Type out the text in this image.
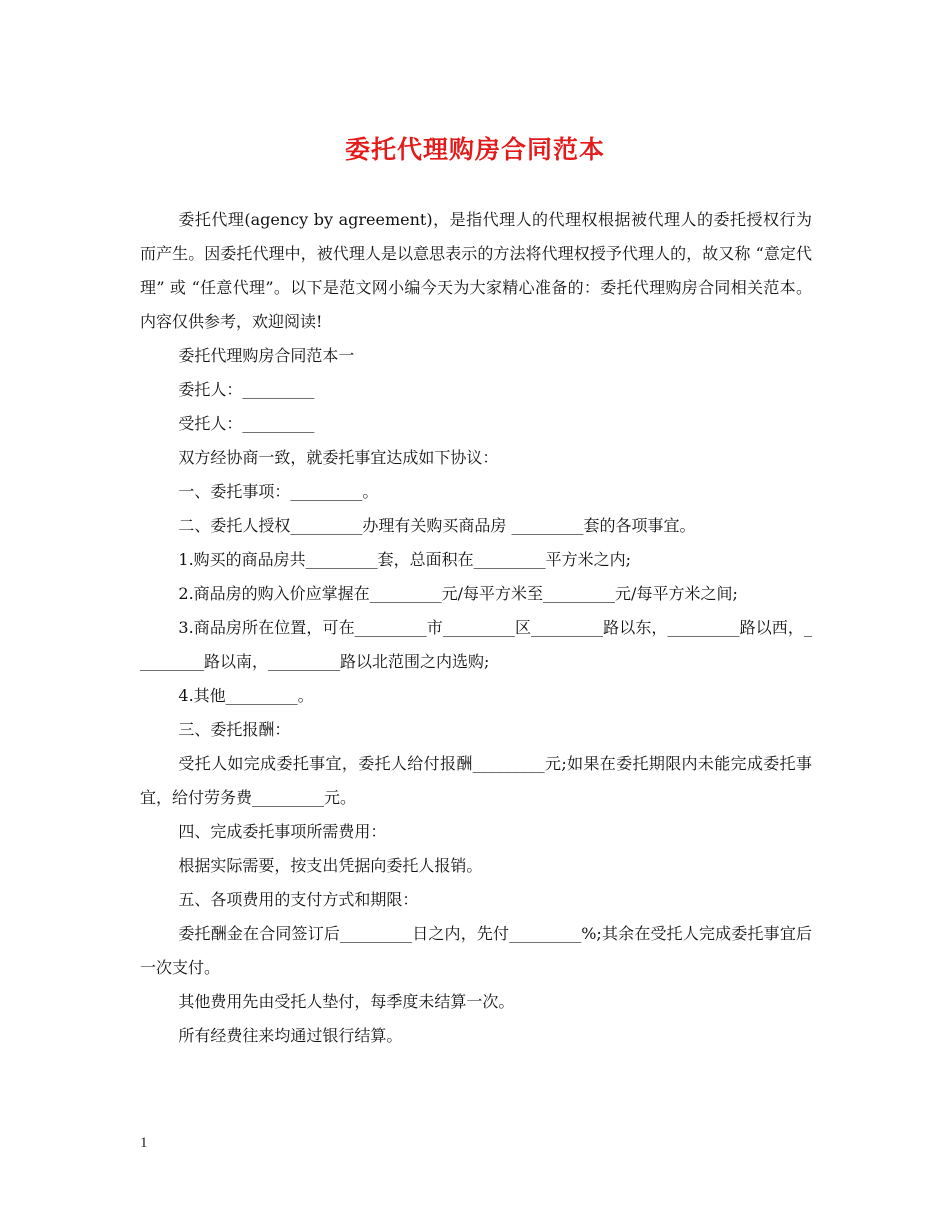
委托代理购房合同范本

委托代理(agency by agreement)，是指代理人的代理权根据被代理人的委托授权行为而产生。因委托代理中，被代理人是以意思表示的方法将代理权授予代理人的，故又称 “意定代理” 或 “任意代理”。以下是范文网小编今天为大家精心准备的：委托代理购房合同相关范本。内容仅供参考，欢迎阅读!

委托代理购房合同范本一

委托人：_________

受托人：_________

双方经协商一致，就委托事宜达成如下协议：

一、委托事项：_________。

二、委托人授权_________办理有关购买商品房 _________套的各项事宜。

1.购买的商品房共_________套，总面积在_________平方米之内;

2.商品房的购入价应掌握在_________元/每平方米至_________元/每平方米之间;

3.商品房所在位置，可在_________市_________区_________路以东，_________路以西，_________路以南，_________路以北范围之内选购;

4.其他_________。

三、委托报酬：

受托人如完成委托事宜，委托人给付报酬_________元;如果在委托期限内未能完成委托事宜，给付劳务费_________元。

四、完成委托事项所需费用：

根据实际需要，按支出凭据向委托人报销。

五、各项费用的支付方式和期限：

委托酬金在合同签订后_________日之内，先付_________%;其余在受托人完成委托事宜后一次支付。

其他费用先由受托人垫付，每季度未结算一次。

所有经费往来均通过银行结算。

1
